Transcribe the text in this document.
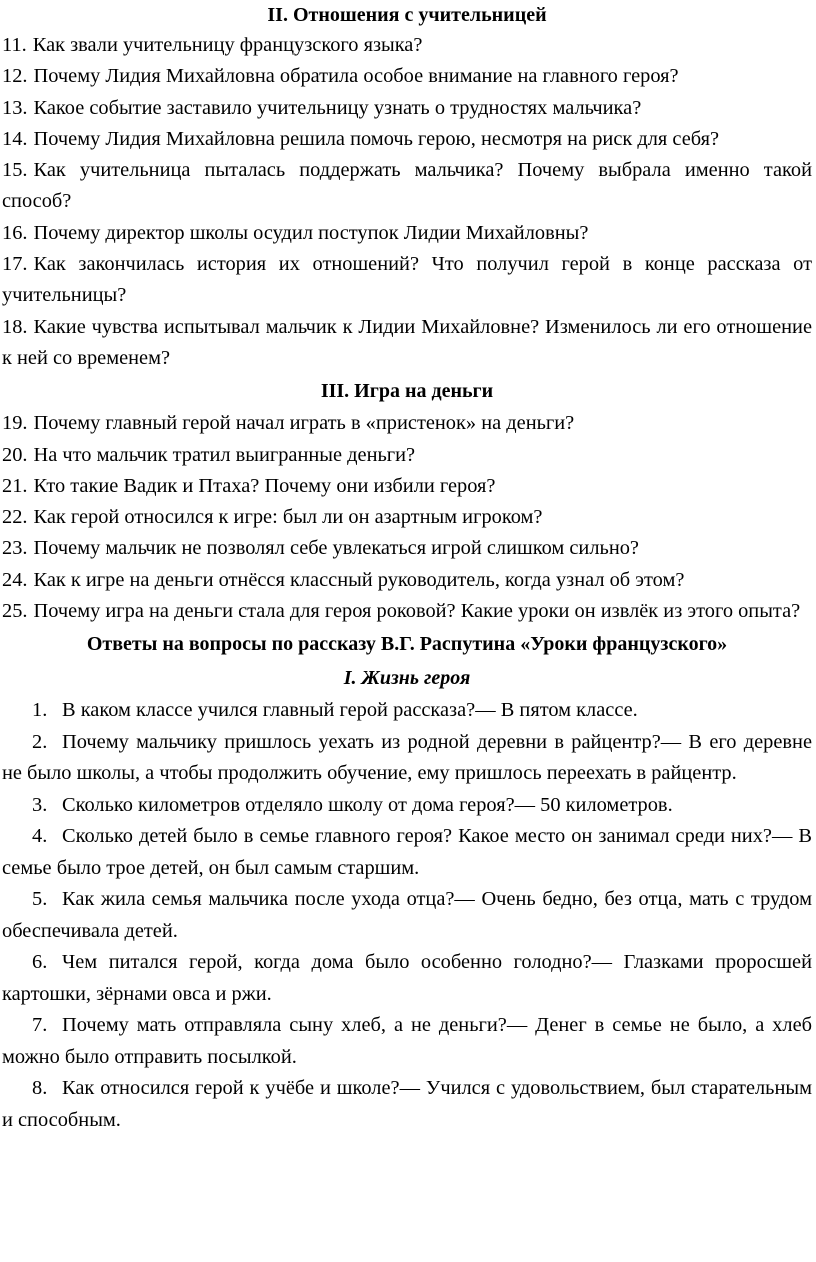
II. Отношения с учительницей

11. Как звали учительницу французского языка?

12. Почему Лидия Михайловна обратила особое внимание на главного героя?

13. Какое событие заставило учительницу узнать о трудностях мальчика?

14. Почему Лидия Михайловна решила помочь герою, несмотря на риск для себя?

15. Как учительница пыталась поддержать мальчика? Почему выбрала именно такой способ?

16. Почему директор школы осудил поступок Лидии Михайловны?

17. Как закончилась история их отношений? Что получил герой в конце рассказа от учительницы?

18. Какие чувства испытывал мальчик к Лидии Михайловне? Изменилось ли его отношение к ней со временем?

III. Игра на деньги

19. Почему главный герой начал играть в «пристенок» на деньги?

20. На что мальчик тратил выигранные деньги?

21. Кто такие Вадик и Птаха? Почему они избили героя?

22. Как герой относился к игре: был ли он азартным игроком?

23. Почему мальчик не позволял себе увлекаться игрой слишком сильно?

24. Как к игре на деньги отнёсся классный руководитель, когда узнал об этом?

25. Почему игра на деньги стала для героя роковой? Какие уроки он извлёк из этого опыта?

Ответы на вопросы по рассказу В.Г. Распутина «Уроки французского»
I. Жизнь героя

1. В каком классе учился главный герой рассказа?— В пятом классе.

2. Почему мальчику пришлось уехать из родной деревни в райцентр?— В его деревне не было школы, а чтобы продолжить обучение, ему пришлось переехать в райцентр.

3. Сколько километров отделяло школу от дома героя?— 50 километров.

4. Сколько детей было в семье главного героя? Какое место он занимал среди них?— В семье было трое детей, он был самым старшим.

5. Как жила семья мальчика после ухода отца?— Очень бедно, без отца, мать с трудом обеспечивала детей.

6. Чем питался герой, когда дома было особенно голодно?— Глазками проросшей картошки, зёрнами овса и ржи.

7. Почему мать отправляла сыну хлеб, а не деньги?— Денег в семье не было, а хлеб можно было отправить посылкой.

8. Как относился герой к учёбе и школе?— Учился с удовольствием, был старательным и способным.
